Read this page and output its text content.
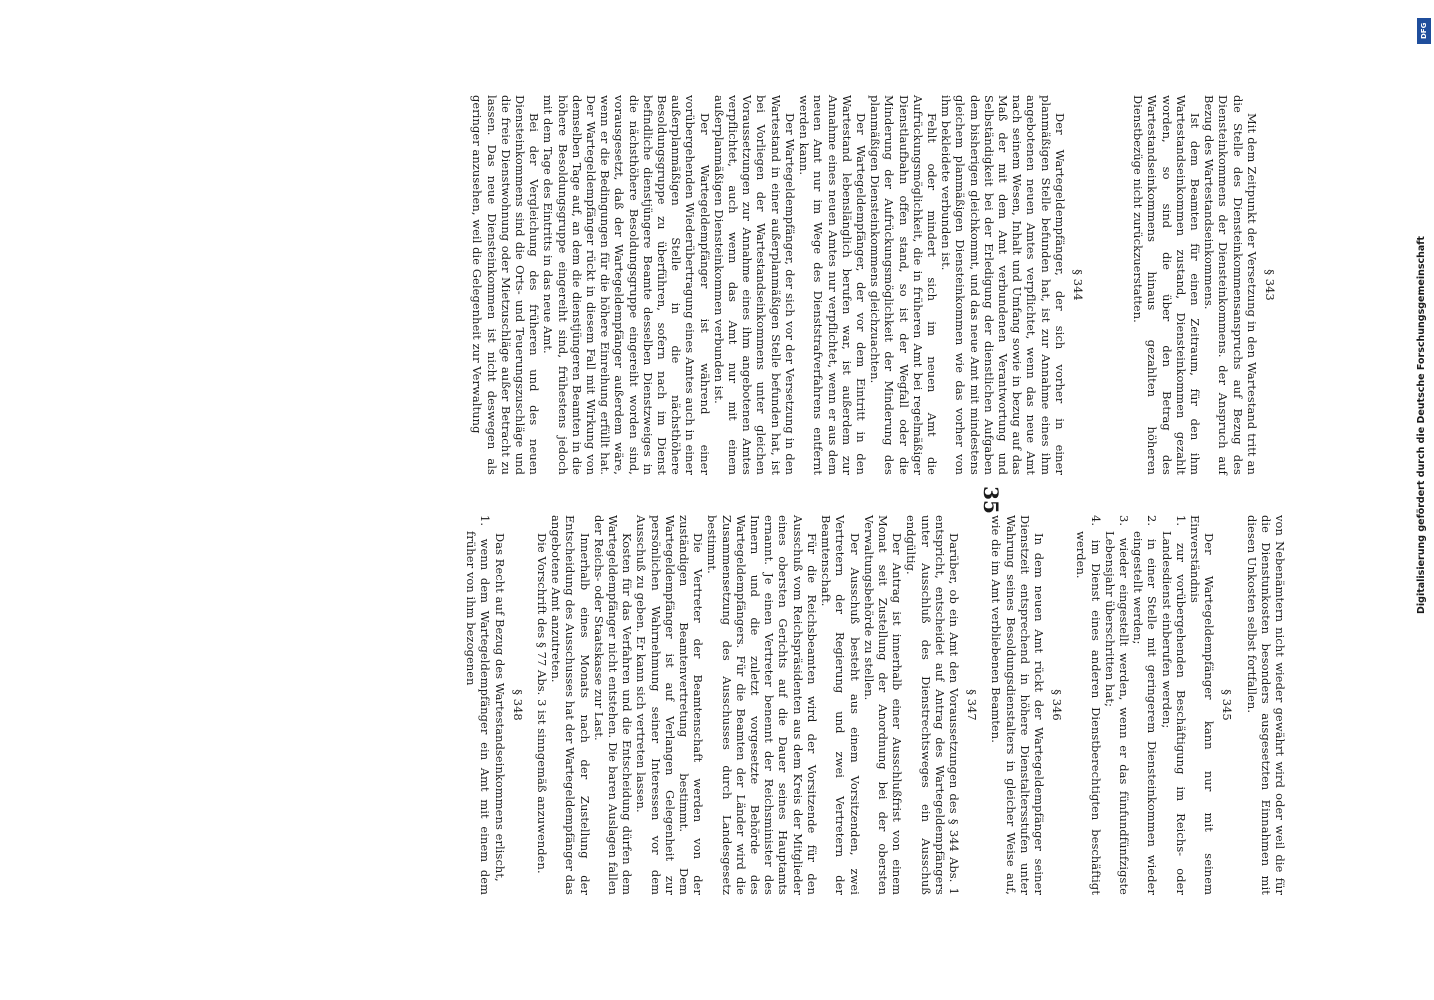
35
§ 343

Mit dem Zeitpunkt der Versetzung in den Wartestand tritt an die Stelle des Diensteinkommensanspruchs auf Bezug des Diensteinkommens der Diensteinkommens. der Anspruch auf Bezug des Wartestandseinkommens.

Ist dem Beamten für einen Zeitraum, für den ihm Wartestandseinkommen zustand, Diensteinkommen gezahlt worden, so sind die über den Betrag des Wartestandseinkommens hinaus gezahlten höheren Dienstbezüge nicht zurückzuerstatten.

§ 344

Der Wartegeldempfänger, der sich vorher in einer planmäßigen Stelle befunden hat, ist zur Annahme eines ihm angebotenen neuen Amtes verpflichtet, wenn das neue Amt nach seinem Wesen, Inhalt und Umfang sowie in bezug auf das Maß der mit dem Amt verbundenen Verantwortung und Selbständigkeit bei der Erledigung der dienstlichen Aufgaben dem bisherigen gleichkommt, und das neue Amt mit mindestens gleichem planmäßigen Diensteinkommen wie das vorher von ihm bekleidete verbunden ist.

Fehlt oder mindert sich im neuen Amt die Aufrückungsmöglichkeit, die in früheren Amt bei regelmäßiger Dienstlaufbahn offen stand, so ist der Wegfall oder die Minderung der Aufrückungsmöglichkeit der Minderung des planmäßigen Diensteinkommens gleichzuachten.

Der Wartegeldempfänger, der vor dem Eintritt in den Wartestand lebenslänglich berufen war, ist außerdem zur Annahme eines neuen Amtes nur verpflichtet, wenn er aus dem neuen Amt nur im Wege des Dienststrafverfahrens entfernt werden kann.

Der Wartegeldempfänger, der sich vor der Versetzung in den Wartestand in einer außerplanmäßigen Stelle befunden hat, ist bei Vorliegen der Wartestandseinkommens unter gleichen Voraussetzungen zur Annahme eines ihm angebotenen Amtes verpflichtet, auch wenn das Amt nur mit einem außerplanmäßigen Diensteinkommen verbunden ist.

Der Wartegeldempfänger ist während einer vorübergehenden Wiederübertragung eines Amtes auch in einer außerplanmäßigen Stelle in die nächsthöhere Besoldungsgruppe zu überführen, sofern nach im Dienst befindliche dienstjüngere Beamte desselben Dienstzweiges in die nächsthöhere Besoldungsgruppe eingereiht worden sind, vorausgesetzt, daß der Wartegeldempfänger außerdem wäre, wenn er die Bedingungen für die höhere Einreihung erfüllt hat. Der Wartegeldempfänger rückt in diesem Fall mit Wirkung von demselben Tage auf, an dem die dienstjüngeren Beamten in die höhere Besoldungsgruppe eingereiht sind, frühestens jedoch mit dem Tage des Eintritts in das neue Amt.

Bei der Vergleichung des früheren und des neuen Diensteinkommens sind die Orts- und Teuerungszuschläge und die freie Dienstwohnung oder Mietzuschläge außer Betracht zu lassen. Das neue Diensteinkommen ist nicht deswegen als geringer anzusehen, weil die Gelegenheit zur Verwaltung

von Nebenämtern nicht wieder gewährt wird oder weil die für die Dienstunkosten besonders ausgesetzten Einnahmen mit diesen Unkosten selbst fortfallen.

§ 345

Der Wartegeldempfänger kann nur mit seinem Einverständnis

1. zur vorübergehenden Beschäftigung im Reichs- oder Landesdienst einberufen werden;

2. in einer Stelle mit geringerem Diensteinkommen wieder eingestellt werden;

3. wieder eingestellt werden, wenn er das fünfundfünfzigste Lebensjahr überschritten hat;

4. im Dienst eines anderen Dienstberechtigten beschäftigt werden.

§ 346

In dem neuen Amt rückt der Wartegeldempfänger seiner Dienstzeit entsprechend in höhere Dienstaltersstufen unter Wahrung seines Besoldungsdienstalters in gleicher Weise auf, wie die im Amt verbliebenen Beamten.

§ 347

Darüber, ob ein Amt den Voraussetzungen des § 344 Abs. 1 entspricht, entscheidet auf Antrag des Wartegeldempfängers unter Ausschluß des Dienstrechtsweges ein Ausschuß endgültig.

Der Antrag ist innerhalb einer Ausschlußfrist von einem Monat seit Zustellung der Anordnung bei der obersten Verwaltungsbehörde zu stellen.

Der Ausschuß besteht aus einem Vorsitzenden, zwei Vertretern der Regierung und zwei Vertretern der Beamtenschaft.

Für die Reichsbeamten wird der Vorsitzende für den Ausschuß vom Reichspräsidenten aus dem Kreis der Mitglieder eines obersten Gerichts auf die Dauer seines Hauptamts ernannt. Je einen Vertreter benennt der Reichsminister des Innern und die zuletzt vorgesetzte Behörde des Wartegeldempfängers. Für die Beamten der Länder wird die Zusammensetzung des Ausschusses durch Landesgesetz bestimmt.

Die Vertreter der Beamtenschaft werden von der zuständigen Beamtenvertretung bestimmt. Dem Wartegeldempfänger ist auf Verlangen Gelegenheit zur persönlichen Wahrnehmung seiner Interessen vor dem Ausschuß zu geben. Er kann sich vertreten lassen.

Kosten für das Verfahren und die Entscheidung dürfen dem Wartegeldempfänger nicht entstehen. Die baren Auslagen fallen der Reichs- oder Staatskasse zur Last.

Innerhalb eines Monats nach der Zustellung der Entscheidung des Ausschusses hat der Wartegeldempfänger das angebotene Amt anzutreten.

Die Vorschrift des § 77 Abs. 3 ist sinngemäß anzuwenden.

§ 348

Das Recht auf Bezug des Wartestandseinkommens erlischt,

1. wenn dem Wartegeldempfänger ein Amt mit einem dem früher von ihm bezogenen

DFG
Digitalisierung gefördert durch die Deutsche Forschungsgemeinschaft
